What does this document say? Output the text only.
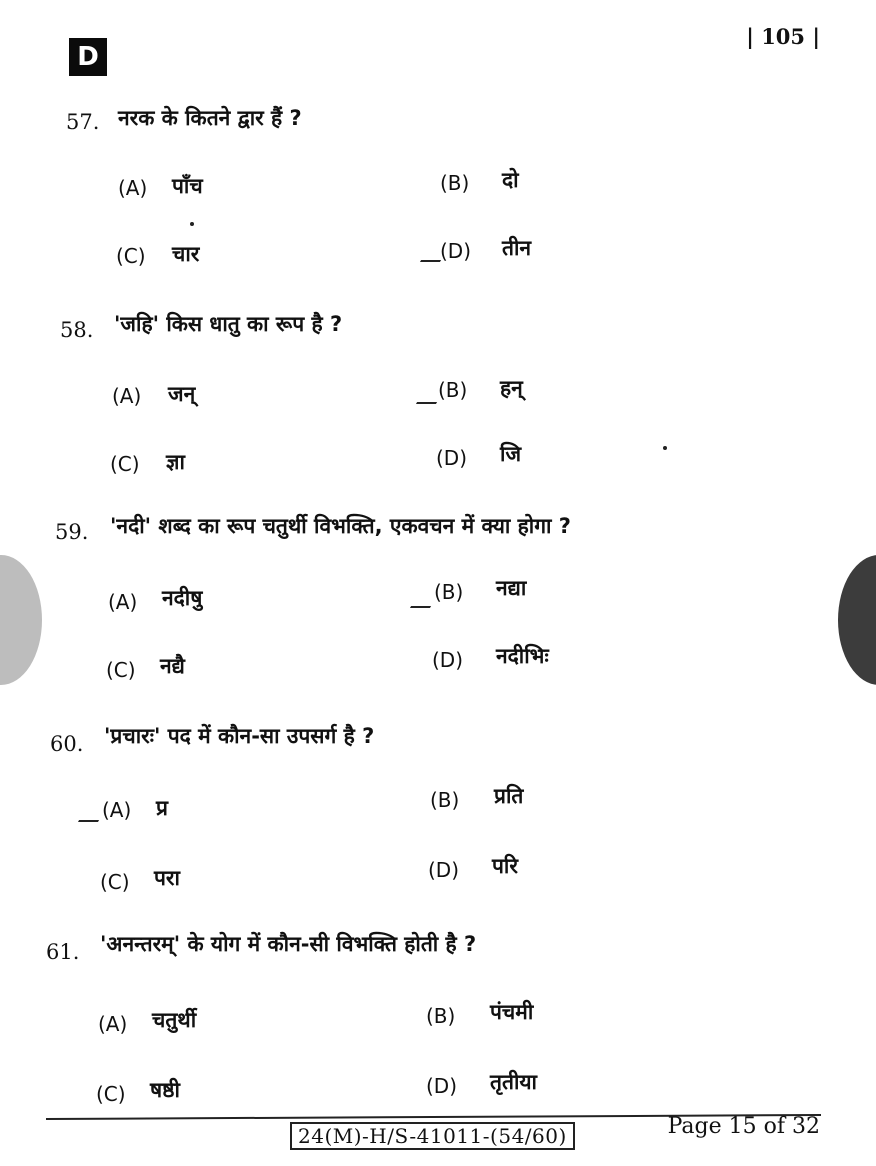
D
| 105 |
57. नरक के कितने द्वार हैं ?
(A) पाँच	(B) दो
(C) चार	(D) तीन
58. 'जहि' किस धातु का रूप है ?
(A) जन्	(B) हन्
(C) ज्ञा	(D) जि
59. 'नदी' शब्द का रूप चतुर्थी विभक्ति, एकवचन में क्या होगा ?
(A) नदीषु	(B) नद्या
(C) नद्यै	(D) नदीभिः
60. 'प्रचारः' पद में कौन-सा उपसर्ग है ?
(A) प्र	(B) प्रति
(C) परा	(D) परि
61. 'अनन्तरम्' के योग में कौन-सी विभक्ति होती है ?
(A) चतुर्थी	(B) पंचमी
(C) षष्ठी	(D) तृतीया
24(M)-H/S-41011-(54/60)	Page 15 of 32
